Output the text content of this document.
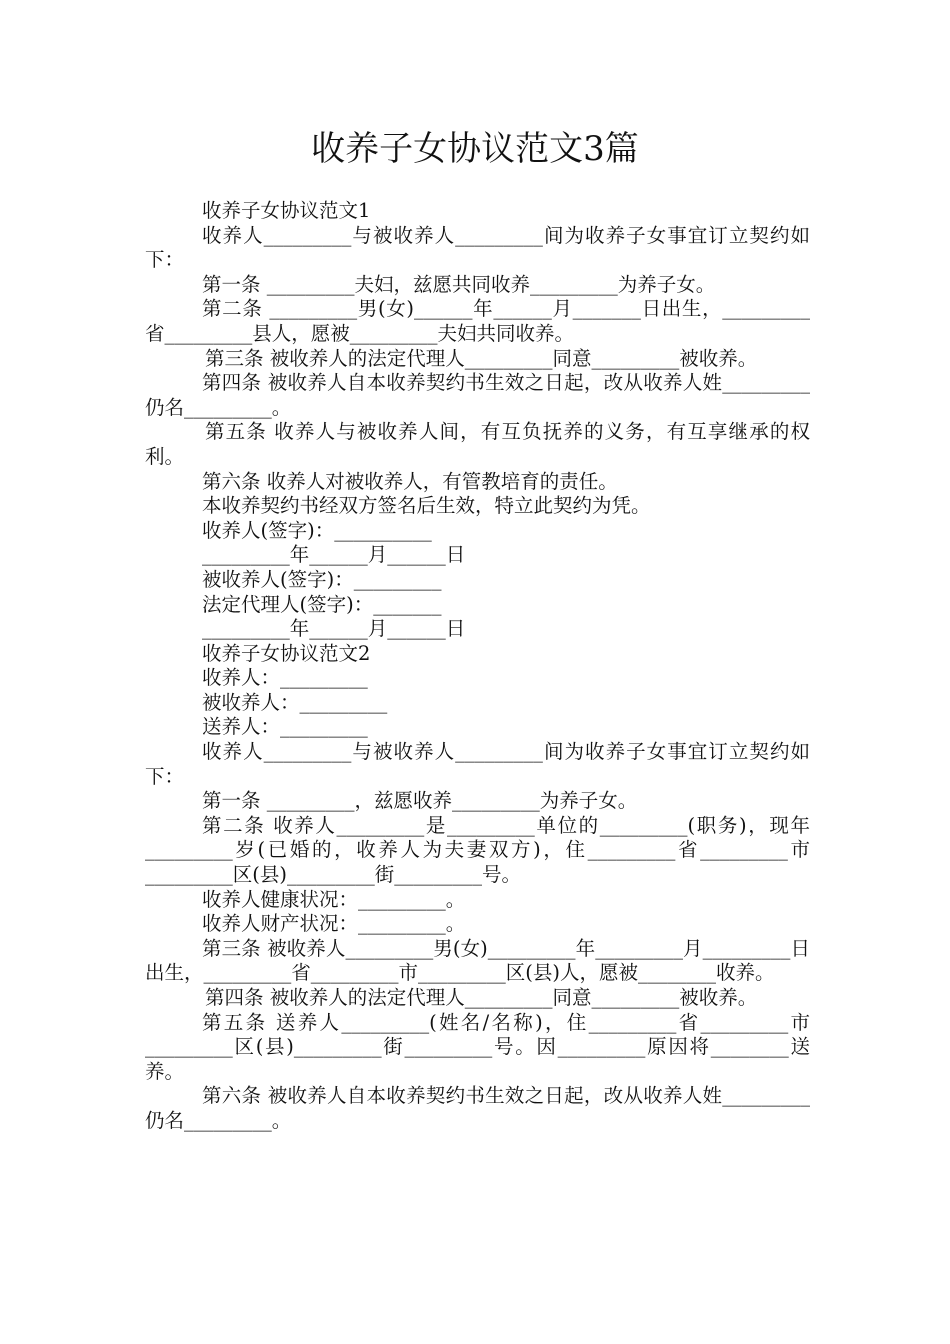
收养子女协议范文3篇

收养子女协议范文1

收养人_________与被收养人_________间为收养子女事宜订立契约如下：

第一条 _________夫妇，兹愿共同收养_________为养子女。

第二条 _________男(女)______年______月_______日出生，_________省_________县人，愿被_________夫妇共同收养。

第三条 被收养人的法定代理人_________同意_________被收养。

第四条 被收养人自本收养契约书生效之日起，改从收养人姓_________仍名_________。

第五条 收养人与被收养人间，有互负抚养的义务，有互享继承的权利。

第六条 收养人对被收养人，有管教培育的责任。

本收养契约书经双方签名后生效，特立此契约为凭。

收养人(签字)：__________

_________年______月______日

被收养人(签字)：_________

法定代理人(签字)：_______

_________年______月______日

收养子女协议范文2

收养人：_________

被收养人：_________

送养人：_________

收养人_________与被收养人_________间为收养子女事宜订立契约如下：

第一条 _________，兹愿收养_________为养子女。

第二条 收养人_________是_________单位的_________(职务)，现年_________岁(已婚的，收养人为夫妻双方)，住_________省_________市_________区(县)_________街_________号。

收养人健康状况：_________。

收养人财产状况：_________。

第三条 被收养人_________男(女)_________年_________月_________日出生，_________省_________市_________区(县)人，愿被________收养。

第四条 被收养人的法定代理人_________同意_________被收养。

第五条 送养人_________(姓名/名称)，住_________省_________市_________区(县)_________街_________号。因_________原因将________送养。

第六条 被收养人自本收养契约书生效之日起，改从收养人姓_________仍名_________。
